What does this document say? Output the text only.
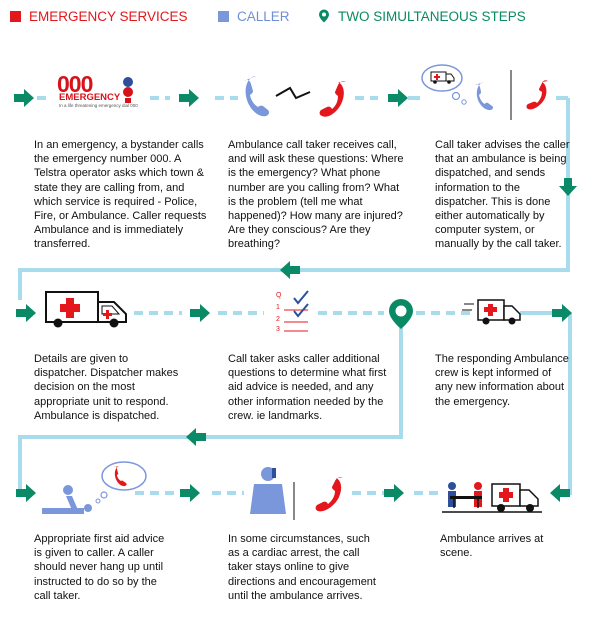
EMERGENCY SERVICES	CALLER	TWO SIMULTANEOUS STEPS
000
EMERGENCY
In a life threatening emergency dial 000
In an emergency, a bystander calls the emergency number 000. A Telstra operator asks which town & state they are calling from, and which service is required - Police, Fire, or Ambulance. Caller requests Ambulance and is immediately transferred.
Ambulance call taker receives call, and will ask these questions: Where is the emergency? What phone number are you calling from? What is the problem (tell me what happened)? How many are injured? Are they conscious? Are they breathing?
Call taker advises the caller that an ambulance is being dispatched, and sends information to the dispatcher. This is done either automatically by computer system, or manually by the call taker.
Q
1
2
3
Details are given to dispatcher. Dispatcher makes decision on the most appropriate unit to respond. Ambulance is dispatched.
Call taker asks caller additional questions to determine what first aid advice is needed, and any other information needed by the crew. ie landmarks.
The responding Ambulance crew is kept informed of any new information about the emergency.
Appropriate first aid advice is given to caller. A caller should never hang up until instructed to do so by the call taker.
In some circumstances, such as a cardiac arrest, the call taker stays online to give directions and encouragement until the ambulance arrives.
Ambulance arrives at scene.
